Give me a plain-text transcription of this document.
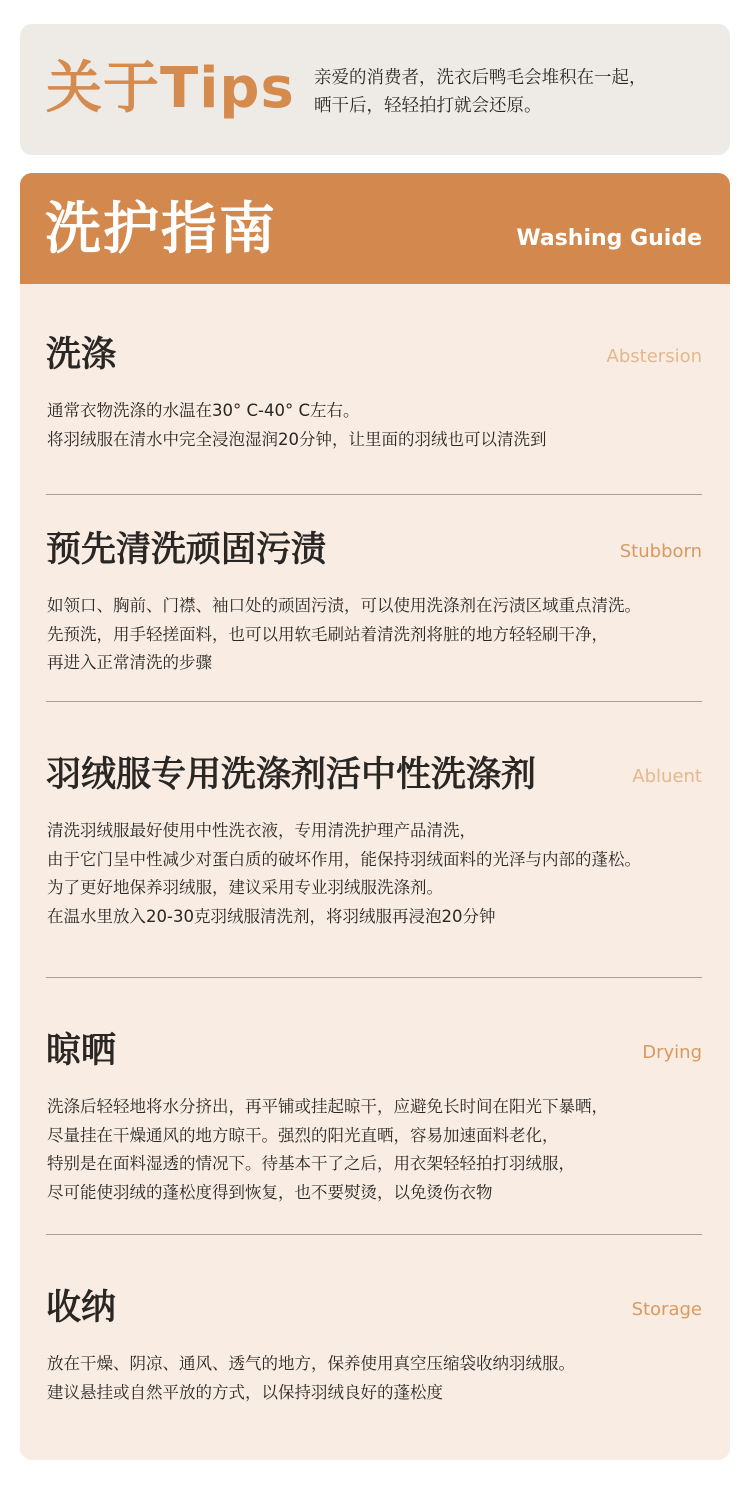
关于Tips 亲爱的消费者，洗衣后鸭毛会堆积在一起，
晒干后，轻轻拍打就会还原。
洗护指南	Washing Guide
洗涤	Abstersion

通常衣物洗涤的水温在30° C-40° C左右。

将羽绒服在清水中完全浸泡湿润20分钟，让里面的羽绒也可以清洗到

预先清洗顽固污渍	Stubborn

如领口、胸前、门襟、袖口处的顽固污渍，可以使用洗涤剂在污渍区域重点清洗。

先预洗，用手轻搓面料，也可以用软毛刷站着清洗剂将脏的地方轻轻刷干净，

再进入正常清洗的步骤

羽绒服专用洗涤剂活中性洗涤剂	Abluent

清洗羽绒服最好使用中性洗衣液，专用清洗护理产品清洗，

由于它门呈中性减少对蛋白质的破坏作用，能保持羽绒面料的光泽与内部的蓬松。

为了更好地保养羽绒服，建议采用专业羽绒服洗涤剂。

在温水里放入20-30克羽绒服清洗剂，将羽绒服再浸泡20分钟

晾晒	Drying

洗涤后轻轻地将水分挤出，再平铺或挂起晾干，应避免长时间在阳光下暴晒，

尽量挂在干燥通风的地方晾干。强烈的阳光直晒，容易加速面料老化，

特别是在面料湿透的情况下。待基本干了之后，用衣架轻轻拍打羽绒服，

尽可能使羽绒的蓬松度得到恢复，也不要熨烫，以免烫伤衣物

收纳	Storage

放在干燥、阴凉、通风、透气的地方，保养使用真空压缩袋收纳羽绒服。

建议悬挂或自然平放的方式，以保持羽绒良好的蓬松度
